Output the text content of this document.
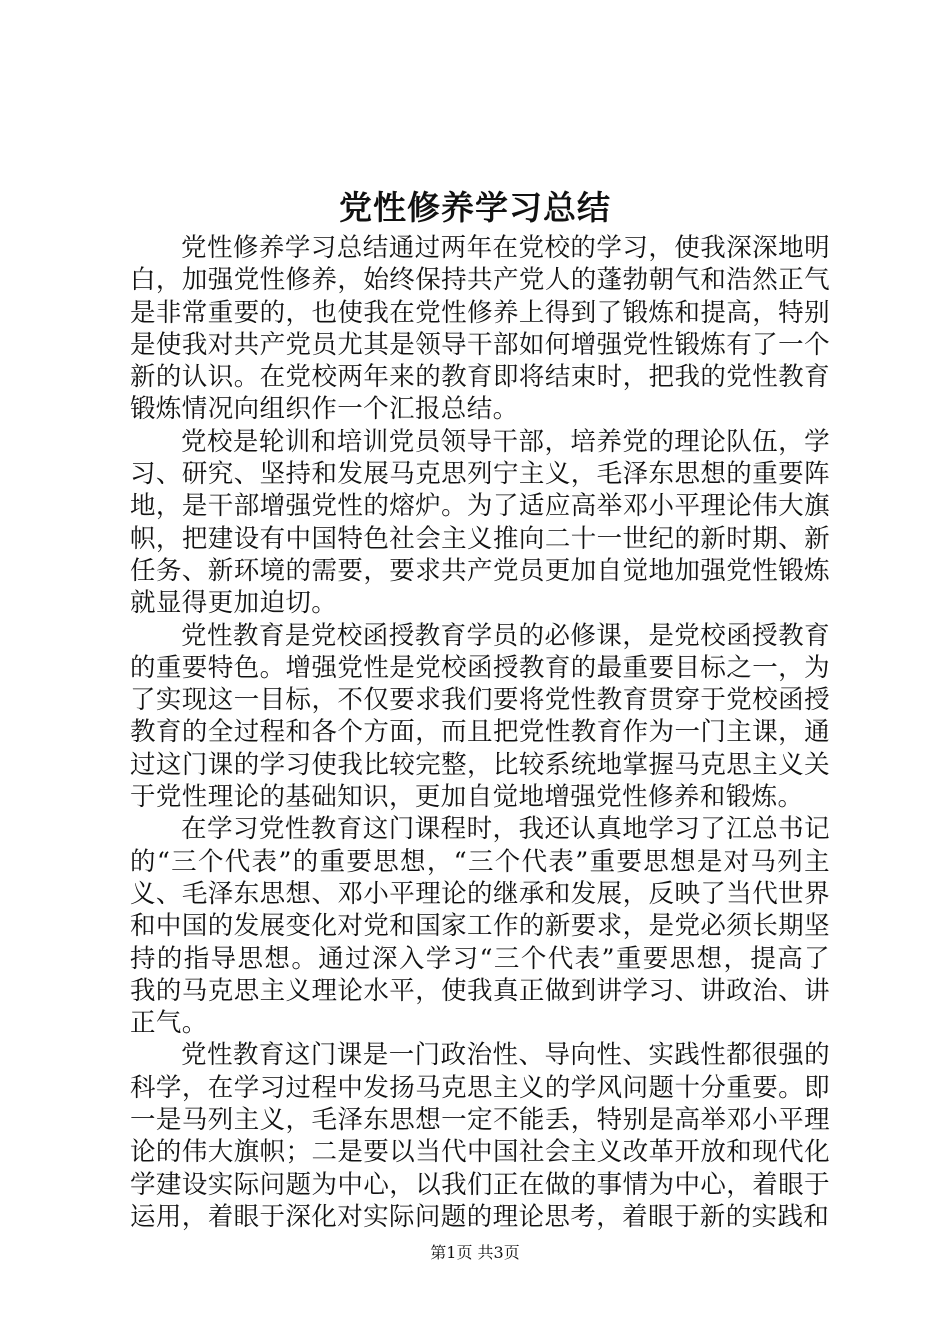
党性修养学习总结

党性修养学习总结通过两年在党校的学习，使我深深地明白，加强党性修养，始终保持共产党人的蓬勃朝气和浩然正气是非常重要的，也使我在党性修养上得到了锻炼和提高，特别是使我对共产党员尤其是领导干部如何增强党性锻炼有了一个新的认识。在党校两年来的教育即将结束时，把我的党性教育锻炼情况向组织作一个汇报总结。

党校是轮训和培训党员领导干部，培养党的理论队伍，学习、研究、坚持和发展马克思列宁主义，毛泽东思想的重要阵地，是干部增强党性的熔炉。为了适应高举邓小平理论伟大旗帜，把建设有中国特色社会主义推向二十一世纪的新时期、新任务、新环境的需要，要求共产党员更加自觉地加强党性锻炼就显得更加迫切。

党性教育是党校函授教育学员的必修课，是党校函授教育的重要特色。增强党性是党校函授教育的最重要目标之一，为了实现这一目标，不仅要求我们要将党性教育贯穿于党校函授教育的全过程和各个方面，而且把党性教育作为一门主课，通过这门课的学习使我比较完整，比较系统地掌握马克思主义关于党性理论的基础知识，更加自觉地增强党性修养和锻炼。

在学习党性教育这门课程时，我还认真地学习了江总书记的“三个代表”的重要思想，“三个代表”重要思想是对马列主义、毛泽东思想、邓小平理论的继承和发展，反映了当代世界和中国的发展变化对党和国家工作的新要求，是党必须长期坚持的指导思想。通过深入学习“三个代表”重要思想，提高了我的马克思主义理论水平，使我真正做到讲学习、讲政治、讲正气。

党性教育这门课是一门政治性、导向性、实践性都很强的科学，在学习过程中发扬马克思主义的学风问题十分重要。即一是马列主义，毛泽东思想一定不能丢，特别是高举邓小平理论的伟大旗帜；二是要以当代中国社会主义改革开放和现代化学建设实际问题为中心，以我们正在做的事情为中心，着眼于运用，着眼于深化对实际问题的理论思考，着眼于新的实践和

第1页 共3页
